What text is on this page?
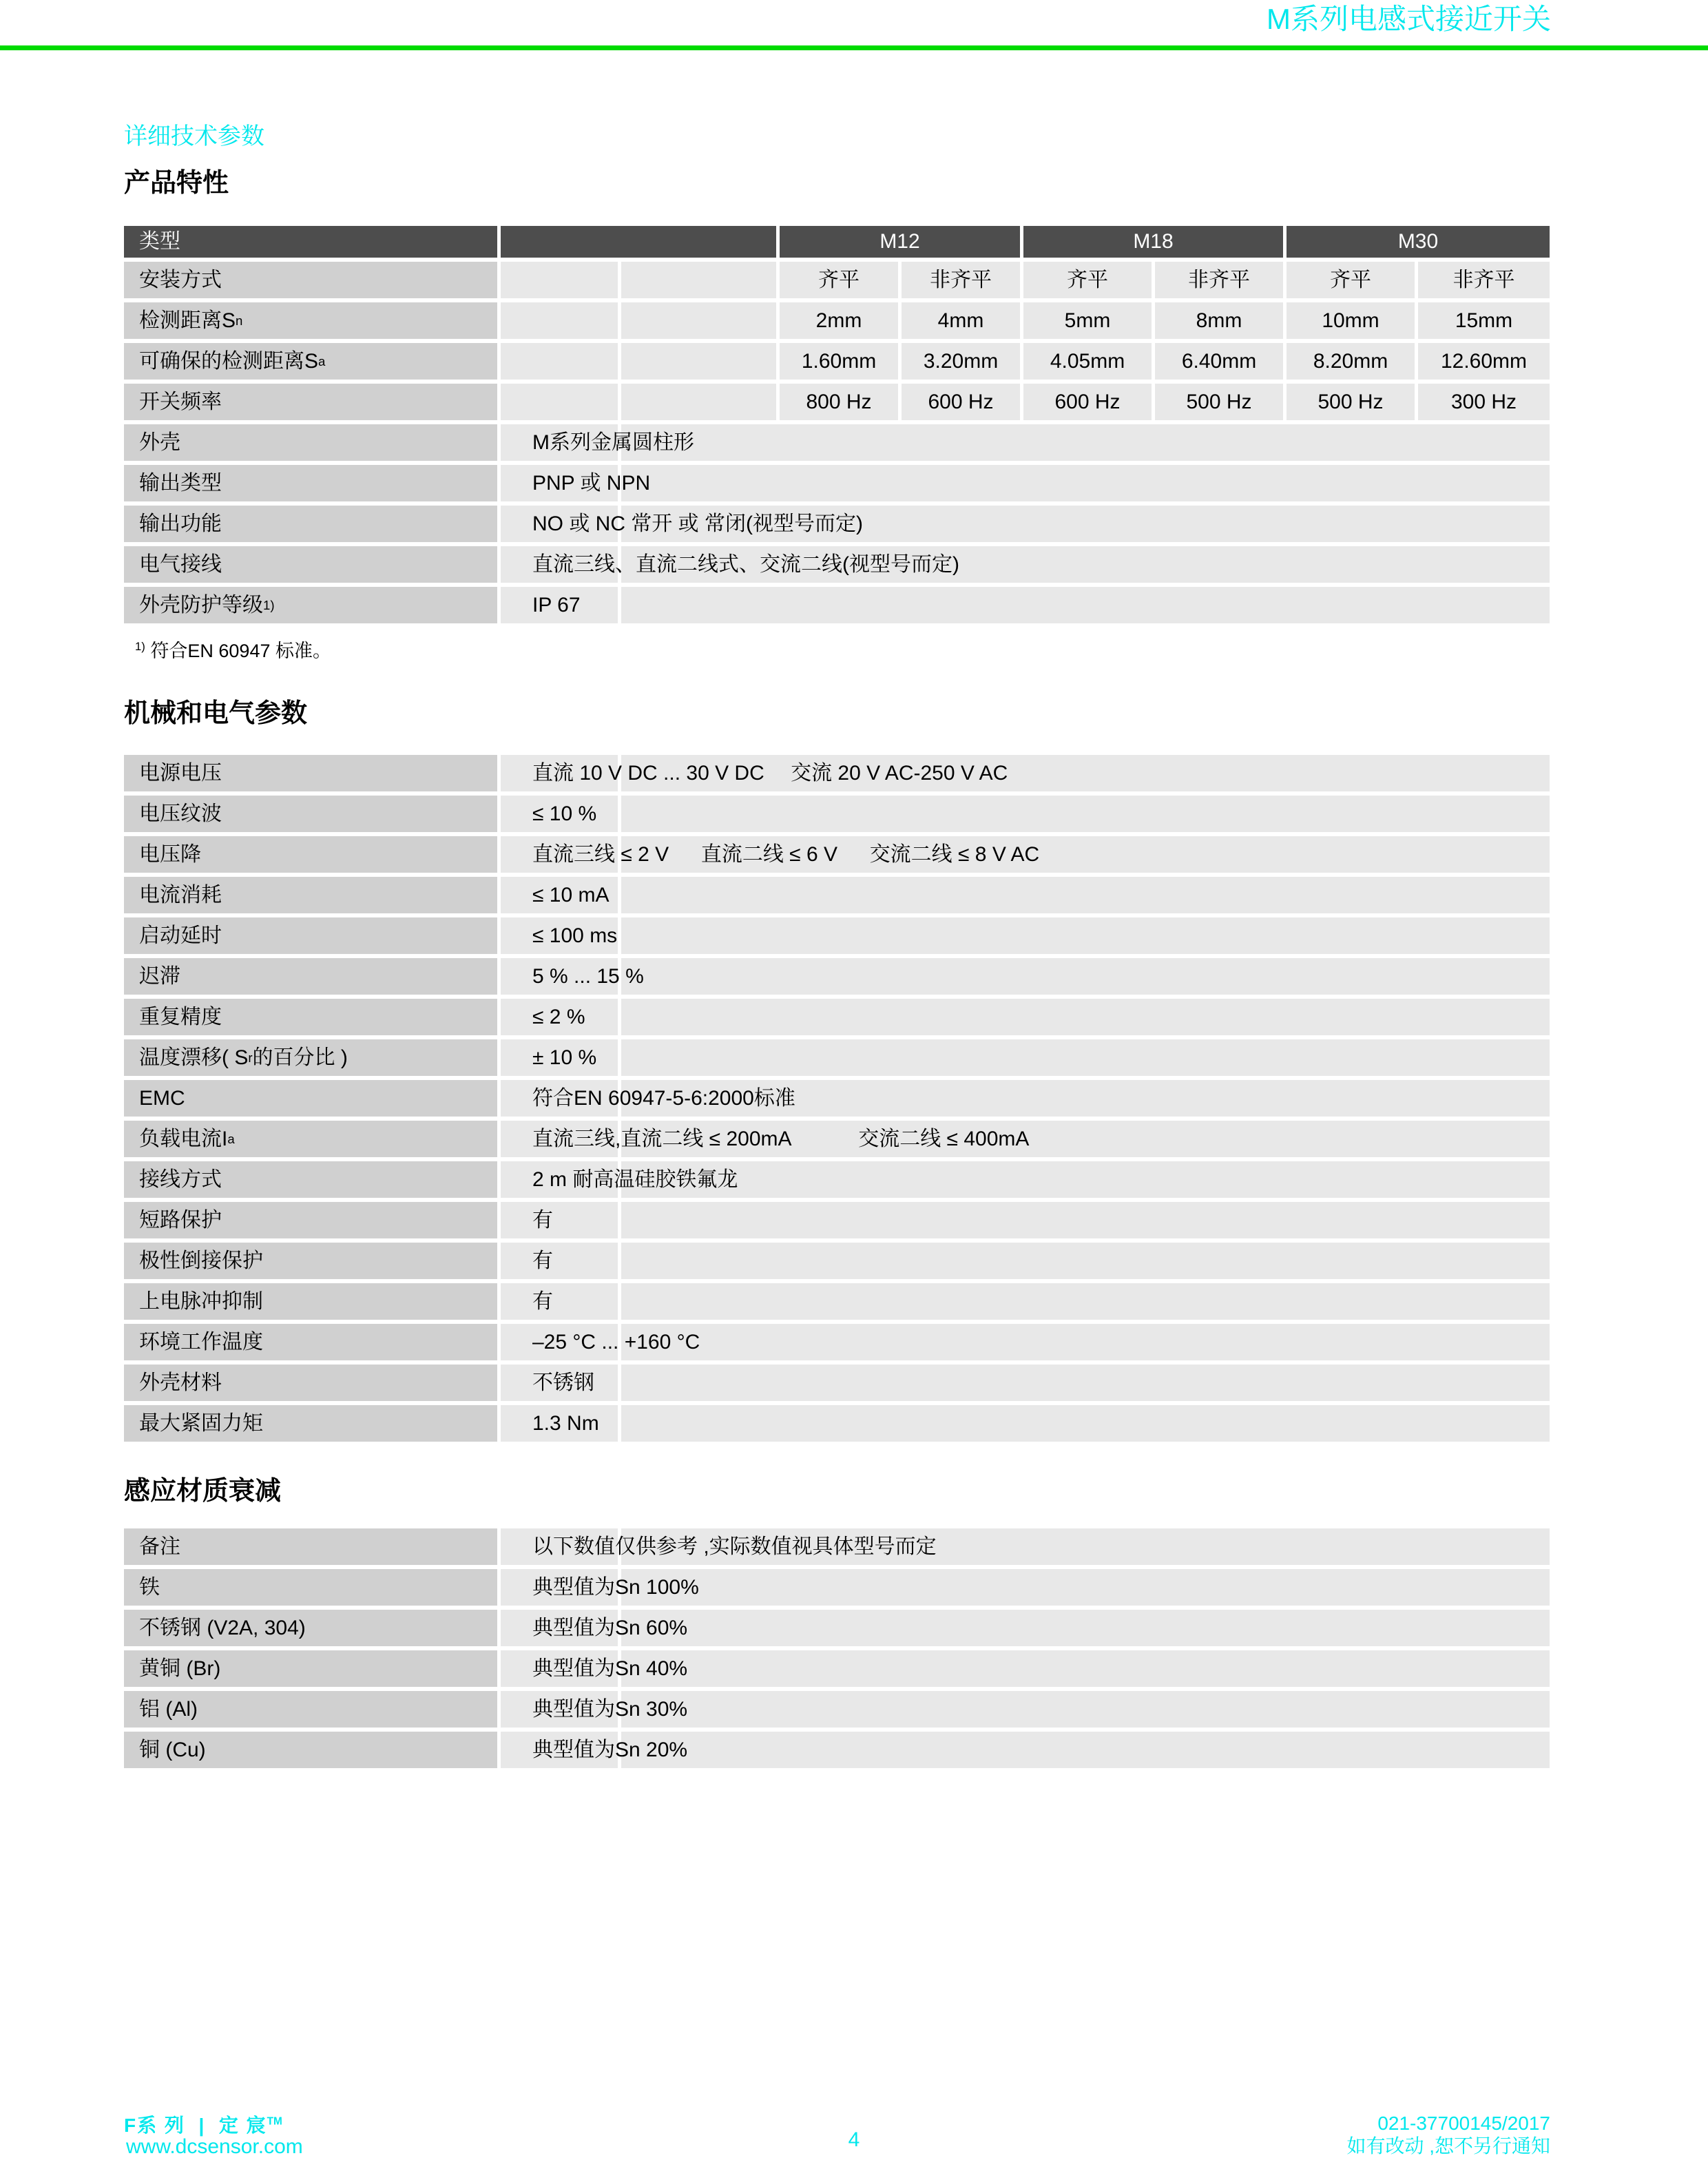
M系列电感式接近开关
详细技术参数
产品特性
类型	M12	M18	M30
安装方式	齐平	非齐平	齐平	非齐平	齐平	非齐平
检测距离S n	2mm	4mm	5mm	8mm	10mm	15mm
可确保的检测距离S a	1.60mm	3.20mm	4.05mm	6.40mm	8.20mm	12.60mm
开关频率	800 Hz	600 Hz	600 Hz	500 Hz	500 Hz	300 Hz
外壳	M系列金属圆柱形
输出类型	PNP 或 NPN
输出功能	NO 或 NC 常开 或 常闭(视型号而定)
电气接线	直流三线、直流二线式、交流二线(视型号而定)
外壳防护等级 1)	IP 67
$^{1)}$ 符合EN 60947 标准。
机械和电气参数
电源电压	直流 10 V DC ... 30 V DC　 交流 20 V AC-250 V AC
电压纹波	≤ 10 %
电压降	直流三线 ≤ 2 V　  直流二线 ≤ 6 V　  交流二线 ≤ 8 V AC
电流消耗	≤ 10 mA
启动延时	≤ 100 ms
迟滞	5 % ... 15 %
重复精度	≤ 2 %
温度漂移( S r 的百分比 )	± 10 %
EMC	符合EN 60947-5-6:2000标准
负载电流I a	直流三线,直流二线 ≤ 200mA　　　 交流二线 ≤ 400mA
接线方式	2 m 耐高温硅胶铁氟龙
短路保护	有
极性倒接保护	有
上电脉冲抑制	有
环境工作温度	–25 °C ... +160 °C
外壳材料	不锈钢
最大紧固力矩	1.3 Nm
感应材质衰减
备注	以下数值仅供参考 ,实际数值视具体型号而定
铁	典型值为Sn 100%
不锈钢 (V2A, 304)	典型值为Sn 60%
黄铜 (Br)	典型值为Sn 40%
铝 (Al)	典型值为Sn 30%
铜 (Cu)	典型值为Sn 20%
F系 列  |  定 宸™
www.dcsensor.com	4
021-37700145/2017
如有改动 ,恕不另行通知
